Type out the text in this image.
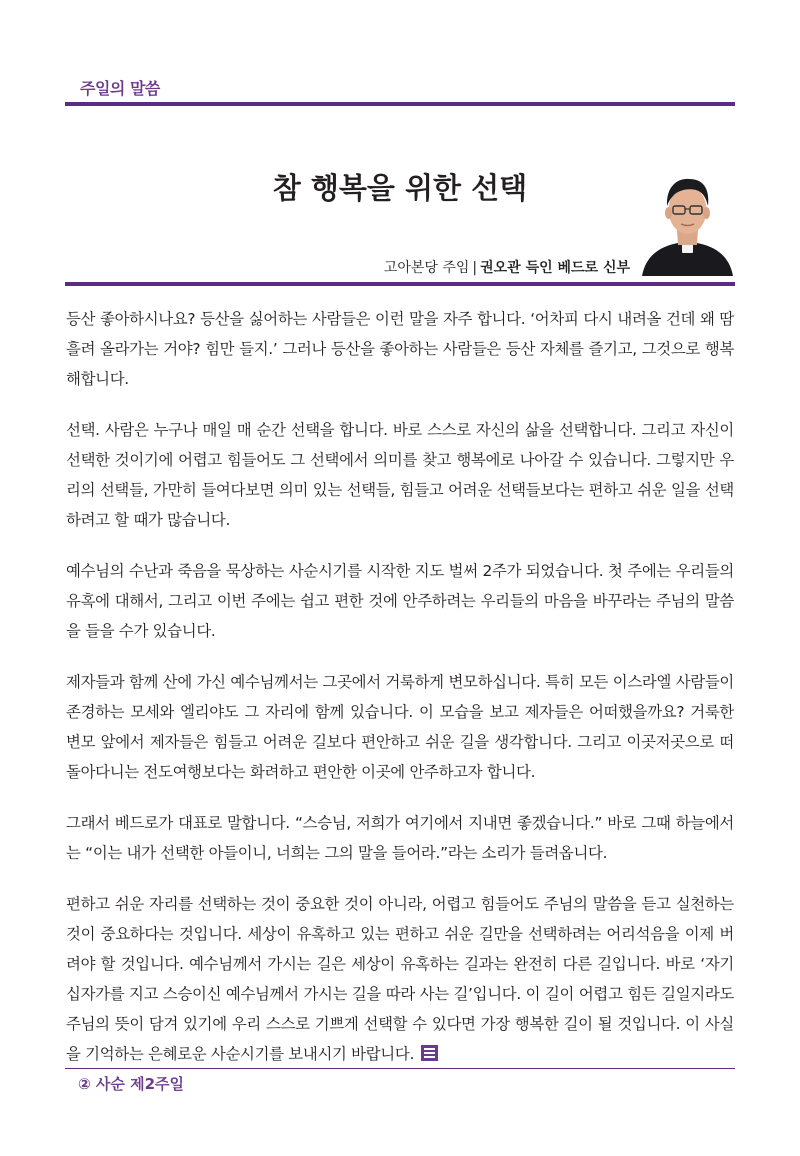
주일의 말씀
참 행복을 위한 선택
고아본당 주임 | 권오관 득인 베드로 신부

등산 좋아하시나요? 등산을 싫어하는 사람들은 이런 말을 자주 합니다. ‘어차피 다시 내려올 건데 왜 땀 흘려 올라가는 거야? 힘만 들지.’ 그러나 등산을 좋아하는 사람들은 등산 자체를 즐기고, 그것으로 행복해합니다.

선택. 사람은 누구나 매일 매 순간 선택을 합니다. 바로 스스로 자신의 삶을 선택합니다. 그리고 자신이 선택한 것이기에 어렵고 힘들어도 그 선택에서 의미를 찾고 행복에로 나아갈 수 있습니다. 그렇지만 우리의 선택들, 가만히 들여다보면 의미 있는 선택들, 힘들고 어려운 선택들보다는 편하고 쉬운 일을 선택하려고 할 때가 많습니다.

예수님의 수난과 죽음을 묵상하는 사순시기를 시작한 지도 벌써 2주가 되었습니다. 첫 주에는 우리들의 유혹에 대해서, 그리고 이번 주에는 쉽고 편한 것에 안주하려는 우리들의 마음을 바꾸라는 주님의 말씀을 들을 수가 있습니다.

제자들과 함께 산에 가신 예수님께서는 그곳에서 거룩하게 변모하십니다. 특히 모든 이스라엘 사람들이 존경하는 모세와 엘리야도 그 자리에 함께 있습니다. 이 모습을 보고 제자들은 어떠했을까요? 거룩한 변모 앞에서 제자들은 힘들고 어려운 길보다 편안하고 쉬운 길을 생각합니다. 그리고 이곳저곳으로 떠돌아다니는 전도여행보다는 화려하고 편안한 이곳에 안주하고자 합니다.

그래서 베드로가 대표로 말합니다. “스승님, 저희가 여기에서 지내면 좋겠습니다.” 바로 그때 하늘에서는 “이는 내가 선택한 아들이니, 너희는 그의 말을 들어라.”라는 소리가 들려옵니다.

편하고 쉬운 자리를 선택하는 것이 중요한 것이 아니라, 어렵고 힘들어도 주님의 말씀을 듣고 실천하는 것이 중요하다는 것입니다. 세상이 유혹하고 있는 편하고 쉬운 길만을 선택하려는 어리석음을 이제 버려야 할 것입니다. 예수님께서 가시는 길은 세상이 유혹하는 길과는 완전히 다른 길입니다. 바로 ‘자기 십자가를 지고 스승이신 예수님께서 가시는 길을 따라 사는 길’입니다. 이 길이 어렵고 힘든 길일지라도 주님의 뜻이 담겨 있기에 우리 스스로 기쁘게 선택할 수 있다면 가장 행복한 길이 될 것입니다. 이 사실을 기억하는 은혜로운 사순시기를 보내시기 바랍니다.

② 사순 제2주일
